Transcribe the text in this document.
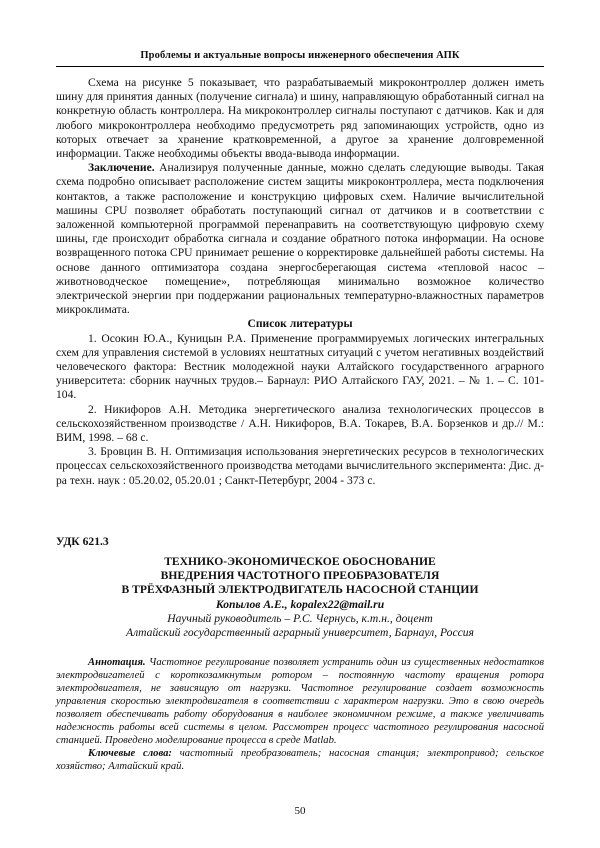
Проблемы и актуальные вопросы инженерного обеспечения АПК

Схема на рисунке 5 показывает, что разрабатываемый микроконтроллер должен иметь шину для принятия данных (получение сигнала) и шину, направляющую обработанный сигнал на конкретную область контроллера. На микроконтроллер сигналы поступают с датчиков. Как и для любого микроконтроллера необходимо предусмотреть ряд запоминающих устройств, одно из которых отвечает за хранение кратковременной, а другое за хранение долговременной информации. Также необходимы объекты ввода-вывода информации.

Заключение. Анализируя полученные данные, можно сделать следующие выводы. Такая схема подробно описывает расположение систем защиты микроконтроллера, места подключения контактов, а также расположение и конструкцию цифровых схем. Наличие вычислительной машины CPU позволяет обработать поступающий сигнал от датчиков и в соответствии с заложенной компьютерной программой перенаправить на соответствующую цифровую схему шины, где происходит обработка сигнала и создание обратного потока информации. На основе возвращенного потока CPU принимает решение о корректировке дальнейшей работы системы. На основе данного оптимизатора создана энергосберегающая система «тепловой насос – животноводческое помещение», потребляющая минимально возможное количество электрической энергии при поддержании рациональных температурно-влажностных параметров микроклимата.

Список литературы

1. Осокин Ю.А., Куницын Р.А. Применение программируемых логических интегральных схем для управления системой в условиях нештатных ситуаций с учетом негативных воздействий человеческого фактора: Вестник молодежной науки Алтайского государственного аграрного университета: сборник научных трудов.– Барнаул: РИО Алтайского ГАУ, 2021. – № 1. – С. 101-104.

2. Никифоров А.Н. Методика энергетического анализа технологических процессов в сельскохозяйственном производстве / А.Н. Никифоров, В.А. Токарев, В.А. Борзенков и др.// М.: ВИМ, 1998. – 68 с.

3. Бровцин В. Н. Оптимизация использования энергетических ресурсов в технологических процессах сельскохозяйственного производства методами вычислительного эксперимента: Дис. д-ра техн. наук : 05.20.02, 05.20.01 ; Санкт-Петербург, 2004 - 373 с.

УДК 621.3
ТЕХНИКО-ЭКОНОМИЧЕСКОЕ ОБОСНОВАНИЕ
ВНЕДРЕНИЯ ЧАСТОТНОГО ПРЕОБРАЗОВАТЕЛЯ
В ТРЁХФАЗНЫЙ ЭЛЕКТРОДВИГАТЕЛЬ НАСОСНОЙ СТАНЦИИ
Копылов А.Е., kopalex22@mail.ru
Научный руководитель – Р.С. Чернусь, к.т.н., доцент
Алтайский государственный аграрный университет, Барнаул, Россия

Аннотация. Частотное регулирование позволяет устранить один из существенных недостатков электродвигателей с короткозамкнутым ротором – постоянную частоту вращения ротора электродвигателя, не зависящую от нагрузки. Частотное регулирование создает возможность управления скоростью электродвигателя в соответствии с характером нагрузки. Это в свою очередь позволяет обеспечивать работу оборудования в наиболее экономичном режиме, а также увеличивать надежность работы всей системы в целом. Рассмотрен процесс частотного регулирования насосной станцией. Проведено моделирование процесса в среде Matlab.

Ключевые слова: частотный преобразователь; насосная станция; электропривод; сельское хозяйство; Алтайский край.

50
